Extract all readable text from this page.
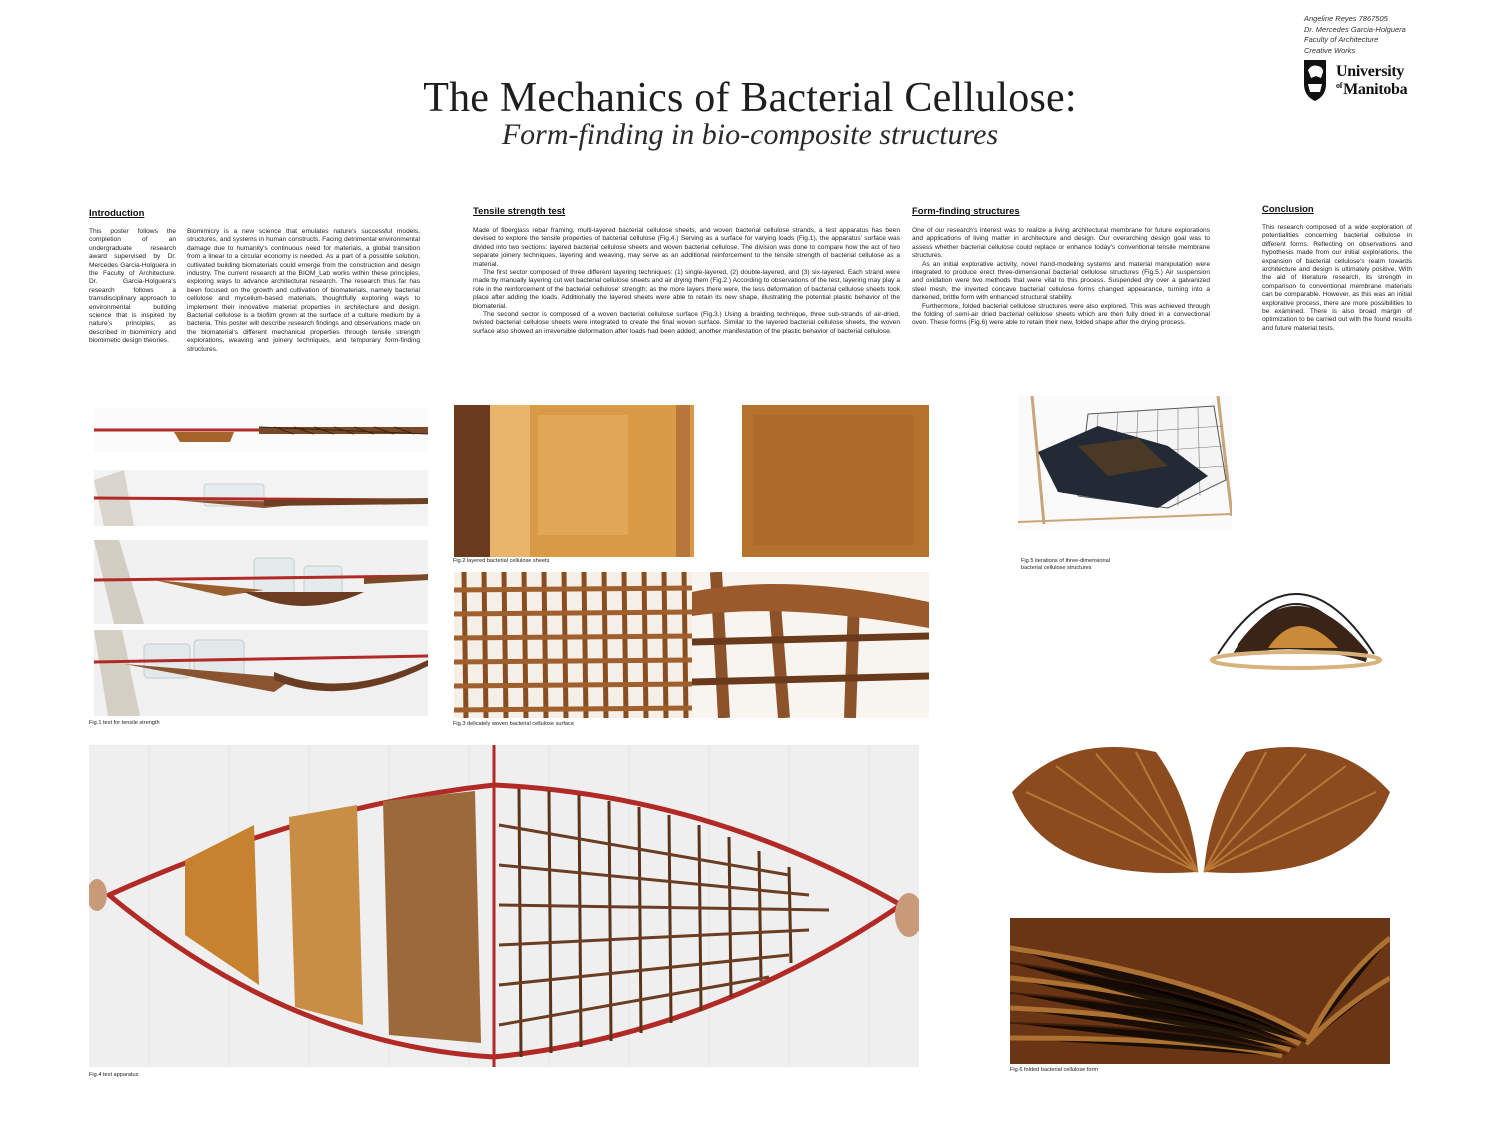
Angeline Reyes 7867505
Dr. Mercedes Garcia-Holguera
Faculty of Architecture
Creative Works
University
$^{of}$Manitoba
The Mechanics of Bacterial Cellulose:
Form-finding in bio-composite structures
Introduction

This poster follows the completion of an undergraduate research award supervised by Dr. Mercedes Garcia-Holguera in the Faculty of Architecture. Dr. Garcia-Holguera's research follows a transdisciplinary approach to environmental building science that is inspired by nature's principles, as described in biomimicry and biomimetic design theories.

Biomimicry is a new science that emulates nature's successful models, structures, and systems in human constructs. Facing detrimental environmental damage due to humanity's continuous need for materials, a global transition from a linear to a circular economy is needed. As a part of a possible solution, cultivated building biomaterials could emerge from the construction and design industry. The current research at the BIOM_Lab works within these principles, exploring ways to advance architectural research. The research thus far has been focused on the growth and cultivation of biomaterials, namely bacterial cellulose and mycelium-based materials, thoughtfully exploring ways to implement their innovative material properties in architecture and design. Bacterial cellulose is a biofilm grown at the surface of a culture medium by a bacteria. This poster will describe research findings and observations made on the biomaterial's different mechanical properties through tensile strength explorations, weaving and joinery techniques, and temporary form-finding structures.

Tensile strength test

Made of fiberglass rebar framing, multi-layered bacterial cellulose sheets, and woven bacterial cellulose strands, a test apparatus has been devised to explore the tensile properties of bacterial cellulose (Fig.4.) Serving as a surface for varying loads (Fig.1), the apparatus' surface was divided into two sections: layered bacterial cellulose sheets and woven bacterial cellulose. The division was done to compare how the act of two separate joinery techniques, layering and weaving, may serve as an additional reinforcement to the tensile strength of bacterial cellulose as a material.

The first sector composed of three different layering techniques: (1) single-layered, (2) double-layered, and (3) six-layered. Each strand were made by manually layering cut wet bacterial cellulose sheets and air drying them (Fig.2.) According to observations of the test, layering may play a role in the reinforcement of the bacterial cellulose' strength; as the more layers there were, the less deformation of bacterial cellulose sheets took place after adding the loads. Additionally the layered sheets were able to retain its new shape, illustrating the potential plastic behavior of the biomaterial.

The second sector is composed of a woven bacterial cellulose surface (Fig.3.) Using a braiding technique, three sub-strands of air-dried, twisted bacterial cellulose sheets were integrated to create the final woven surface. Similar to the layered bacterial cellulose sheets, the woven surface also showed an irreversible deformation after loads had been added; another manifestation of the plastic behavior of bacterial cellulose.

Form-finding structures

One of our research's interest was to realize a living architectural membrane for future explorations and applications of living matter in architecture and design. Our overarching design goal was to assess whether bacterial cellulose could replace or enhance today's conventional tensile membrane structures.

As an initial explorative activity, novel hand-modeling systems and material manipulation were integrated to produce erect three-dimensional bacterial cellulose structures (Fig.5.) Air suspension and oxidation were two methods that were vital to this process. Suspended dry over a galvanized steel mesh, the inverted concave bacterial cellulose forms changed appearance, turning into a darkened, brittle form with enhanced structural stability.

Furthermore, folded bacterial cellulose structures were also explored. This was achieved through the folding of semi-air dried bacterial cellulose sheets which are then fully dried in a convectional oven. These forms (Fig.6) were able to retain their new, folded shape after the drying process.

Conclusion

This research composed of a wide exploration of potentialities concerning bacterial cellulose in different forms. Reflecting on observations and hypothesis made from our initial explorations, the expansion of bacterial cellulose's realm towards architecture and design is ultimately positive. With the aid of literature research, its strength in comparison to conventional membrane materials can be comparable. However, as this was an initial explorative process, there are more possibilities to be examined. There is also broad margin of optimization to be carried out with the found results and future material tests.

Fig.1 test for tensile strength
Fig.2 layered bacterial cellulose sheets
Fig.3 delicately woven bacterial cellulose surface
Fig.4 test apparatus
Fig.5 iterations of three-dimensional
bacterial cellulose structures
Fig.6 folded bacterial cellulose form
